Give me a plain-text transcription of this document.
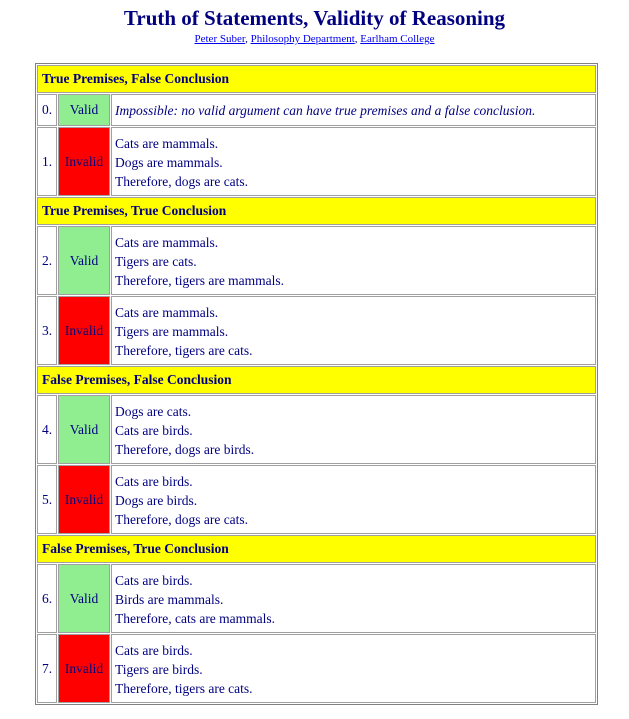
Truth of Statements, Validity of Reasoning
Peter Suber, Philosophy Department, Earlham College
True Premises, False Conclusion		
0.	Valid	Impossible: no valid argument can have true premises and a false conclusion.

1.	Invalid	Cats are mammals.
Dogs are mammals.
Therefore, dogs are cats.

True Premises, True Conclusion		
2.	Valid	Cats are mammals.
Tigers are cats.
Therefore, tigers are mammals.

3.	Invalid	Cats are mammals.
Tigers are mammals.
Therefore, tigers are cats.

False Premises, False Conclusion		
4.	Valid	Dogs are cats.
Cats are birds.
Therefore, dogs are birds.

5.	Invalid	Cats are birds.
Dogs are birds.
Therefore, dogs are cats.

False Premises, True Conclusion		
6.	Valid	Cats are birds.
Birds are mammals.
Therefore, cats are mammals.

7.	Invalid	Cats are birds.
Tigers are birds.
Therefore, tigers are cats.
